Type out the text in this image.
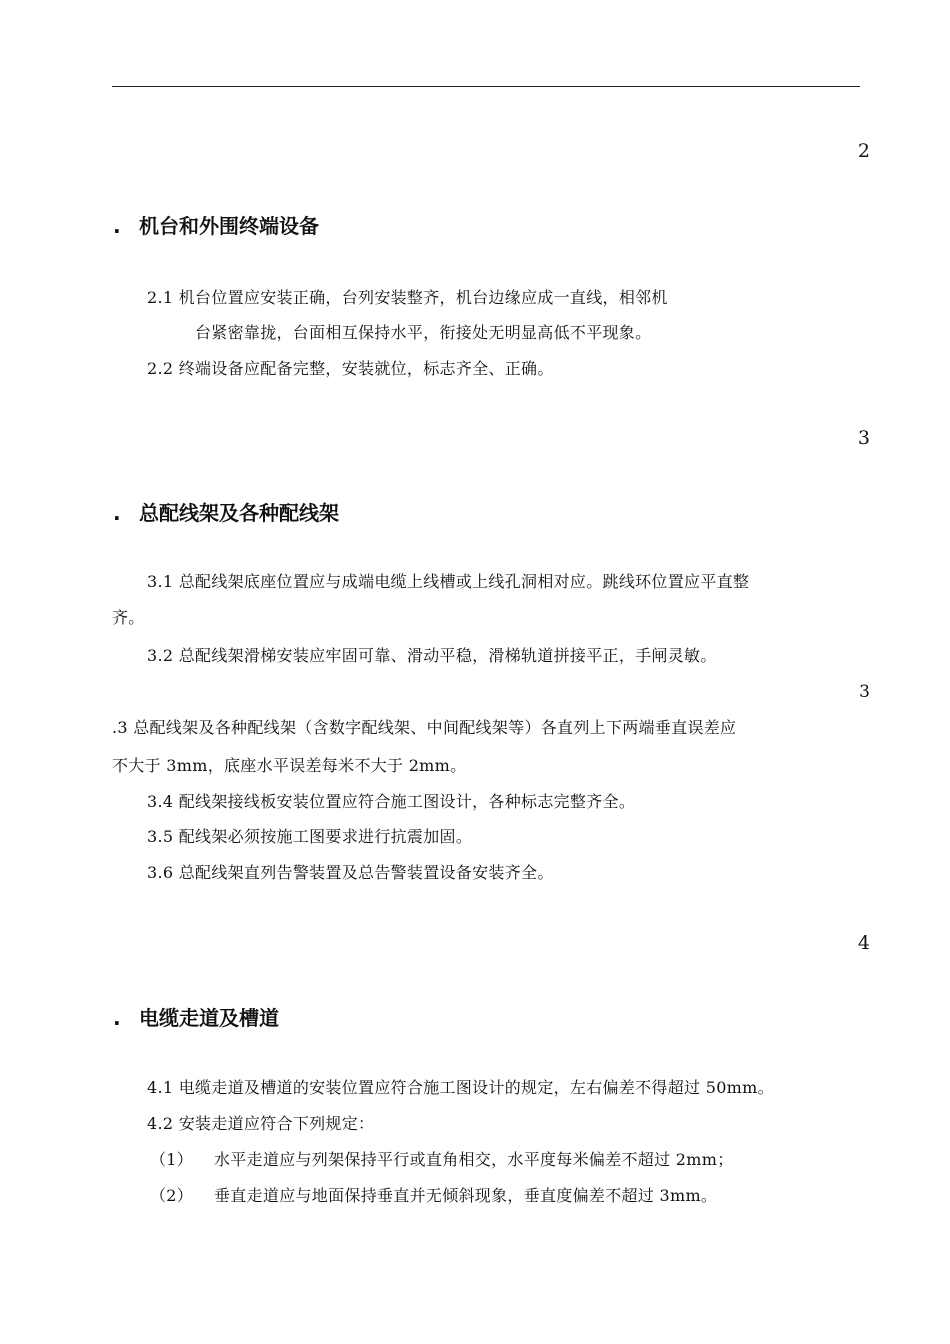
2
. 机台和外围终端设备
2.1 机台位置应安装正确，台列安装整齐，机台边缘应成一直线，相邻机
台紧密靠拢，台面相互保持水平，衔接处无明显高低不平现象。
2.2 终端设备应配备完整，安装就位，标志齐全、正确。
3
. 总配线架及各种配线架
3.1 总配线架底座位置应与成端电缆上线槽或上线孔洞相对应。跳线环位置应平直整
齐。
3.2 总配线架滑梯安装应牢固可靠、滑动平稳，滑梯轨道拼接平正，手闸灵敏。
3
.3 总配线架及各种配线架（含数字配线架、中间配线架等）各直列上下两端垂直误差应
不大于 3mm，底座水平误差每米不大于 2mm。
3.4 配线架接线板安装位置应符合施工图设计，各种标志完整齐全。
3.5 配线架必须按施工图要求进行抗震加固。
3.6 总配线架直列告警装置及总告警装置设备安装齐全。
4
. 电缆走道及槽道
4.1 电缆走道及槽道的安装位置应符合施工图设计的规定，左右偏差不得超过 50mm。
4.2 安装走道应符合下列规定：
（1） 水平走道应与列架保持平行或直角相交，水平度每米偏差不超过 2mm；
（2） 垂直走道应与地面保持垂直并无倾斜现象，垂直度偏差不超过 3mm。
